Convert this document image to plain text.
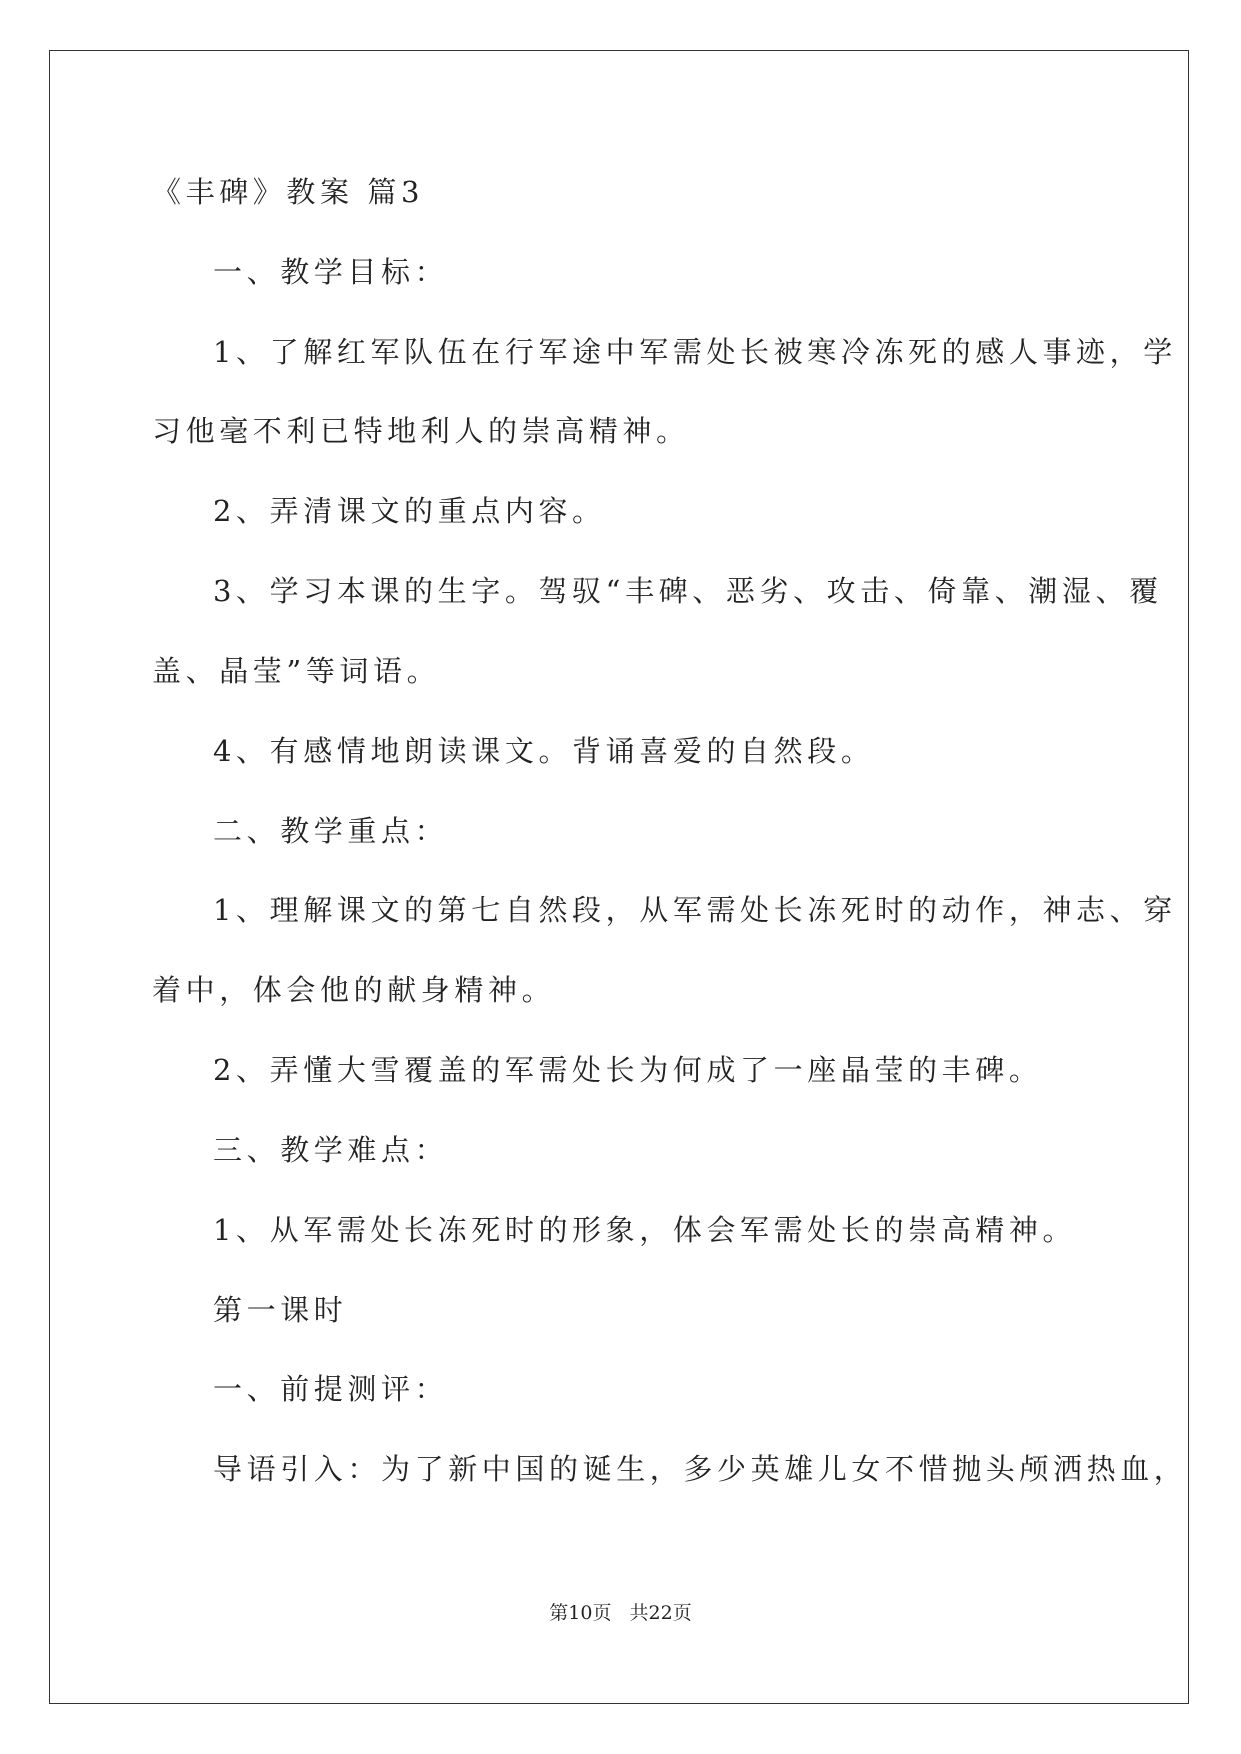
《丰碑》教案 篇3
一、教学目标：
1、了解红军队伍在行军途中军需处长被寒冷冻死的感人事迹，学
习他毫不利已特地利人的崇高精神。
2、弄清课文的重点内容。
3、学习本课的生字。驾驭“丰碑、恶劣、攻击、倚靠、潮湿、覆
盖、晶莹”等词语。
4、有感情地朗读课文。背诵喜爱的自然段。
二、教学重点：
1、理解课文的第七自然段，从军需处长冻死时的动作，神志、穿
着中，体会他的献身精神。
2、弄懂大雪覆盖的军需处长为何成了一座晶莹的丰碑。
三、教学难点：
1、从军需处长冻死时的形象，体会军需处长的崇高精神。
第一课时
一、前提测评：
导语引入：为了新中国的诞生，多少英雄儿女不惜抛头颅洒热血，
第10页 共22页
